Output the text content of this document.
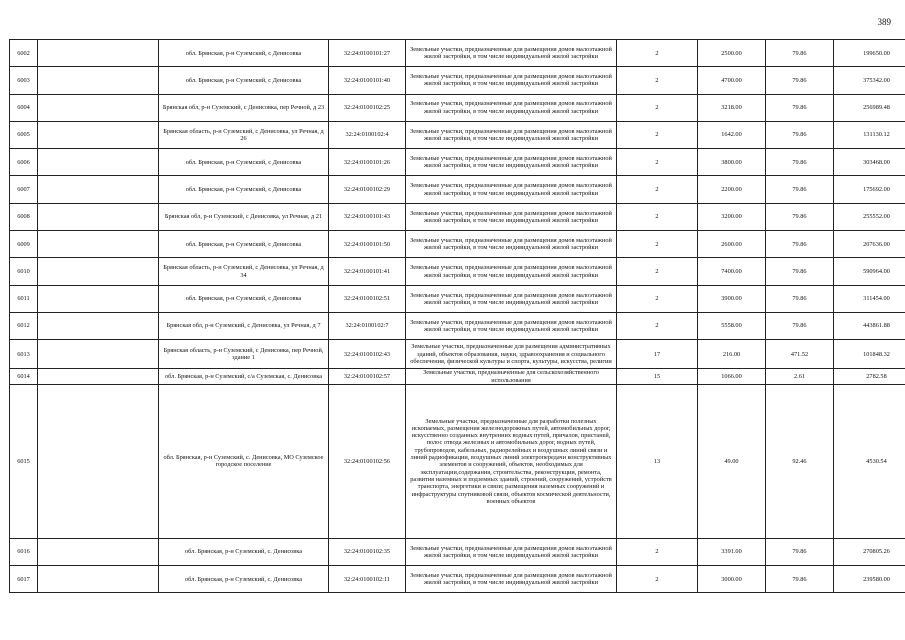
389
6002		обл. Брянская, р-н Суземский, с Денисовка	32:24:0100101:27	Земельные участки, предназначенные для размещения домов малоэтажной жилой застройки, в том числе индивидуальной жилой застройки	2	2500.00	79.86	199650.00
6003		обл. Брянская, р-н Суземский, с Денисовка	32:24:0100101:40	Земельные участки, предназначенные для размещения домов малоэтажной жилой застройки, в том числе индивидуальной жилой застройки	2	4700.00	79.86	375342.00
6004		Брянская обл, р-н Суземский, с Денисовка, пер Речной, д 23	32:24:0100102:25	Земельные участки, предназначенные для размещения домов малоэтажной жилой застройки, в том числе индивидуальной жилой застройки	2	3218.00	79.86	256989.48
6005		Брянская область, р-н Суземский, с Денисовка, ул Речная, д 26	32:24:0100102:4	Земельные участки, предназначенные для размещения домов малоэтажной жилой застройки, в том числе индивидуальной жилой застройки	2	1642.00	79.86	131130.12
6006		обл. Брянская, р-н Суземский, с Денисовка	32:24:0100101:26	Земельные участки, предназначенные для размещения домов малоэтажной жилой застройки, в том числе индивидуальной жилой застройки	2	3800.00	79.86	303468.00
6007		обл. Брянская, р-н Суземский, с Денисовка	32:24:0100102:29	Земельные участки, предназначенные для размещения домов малоэтажной жилой застройки, в том числе индивидуальной жилой застройки	2	2200.00	79.86	175692.00
6008		Брянская обл, р-н Суземский, с Денисовка, ул Речная, д 21	32:24:0100101:43	Земельные участки, предназначенные для размещения домов малоэтажной жилой застройки, в том числе индивидуальной жилой застройки	2	3200.00	79.86	255552.00
6009		обл. Брянская, р-н Суземский, с Денисовка	32:24:0100101:50	Земельные участки, предназначенные для размещения домов малоэтажной жилой застройки, в том числе индивидуальной жилой застройки	2	2600.00	79.86	207636.00
6010		Брянская область, р-н Суземский, с Денисовка, ул Речная, д 34	32:24:0100101:41	Земельные участки, предназначенные для размещения домов малоэтажной жилой застройки, в том числе индивидуальной жилой застройки	2	7400.00	79.86	590964.00
6011		обл. Брянская, р-н Суземский, с Денисовка	32:24:0100102:51	Земельные участки, предназначенные для размещения домов малоэтажной жилой застройки, в том числе индивидуальной жилой застройки	2	3900.00	79.86	311454.00
6012		Брянская обл, р-н Суземский, с Денисовка, ул Речная, д 7	32:24:0100102:7	Земельные участки, предназначенные для размещения домов малоэтажной жилой застройки, в том числе индивидуальной жилой застройки	2	5558.00	79.86	443861.88
6013		Брянская область, р-н Суземский, с Денисовка, пер Речной, здание 1	32:24:0100102:43	Земельные участки, предназначенные для размещения административных зданий, объектов образования, науки, здравоохранения и социального обеспечения, физической культуры и спорта, культуры, искусства, религии	17	216.00	471.52	101848.32
6014		обл. Брянская, р-н Суземский, с/а Суземская, с. Денисовка	32:24:0100102:57	Земельные участки, предназначенные для сельскохозяйственного использования	15	1066.00	2.61	2782.58
6015		обл. Брянская, р-н Суземский, с. Денисовка, МО Суземское городское поселение	32:24:0100102:56	Земельные участки, предназначенные для разработки полезных ископаемых, размещения железнодорожных путей, автомобильных дорог, искусственно созданных внутренних водных путей, причалов, пристаней, полос отвода железных и автомобильных дорог, водных путей, трубопроводов, кабельных, радиорелейных и воздушных линий связи и линий радиофикации, воздушных линий электропередачи конструктивных элементов и сооружений, объектов, необходимых для эксплуатации,содержания, строительства, реконструкции, ремонта, развития наземных и подземных зданий, строений, сооружений, устройств транспорта, энергетики и связи; размещения наземных сооружений и инфраструктуры спутниковой связи, объектов космической деятельности, военных объектов	13	49.00	92.46	4530.54
6016		обл. Брянская, р-н Суземский, с. Денисовка	32:24:0100102:35	Земельные участки, предназначенные для размещения домов малоэтажной жилой застройки, в том числе индивидуальной жилой застройки	2	3391.00	79.86	270805.26
6017		обл. Брянская, р-н Суземский, с. Денисовка	32:24:0100102:11	Земельные участки, предназначенные для размещения домов малоэтажной жилой застройки, в том числе индивидуальной жилой застройки	2	3000.00	79.86	239580.00
